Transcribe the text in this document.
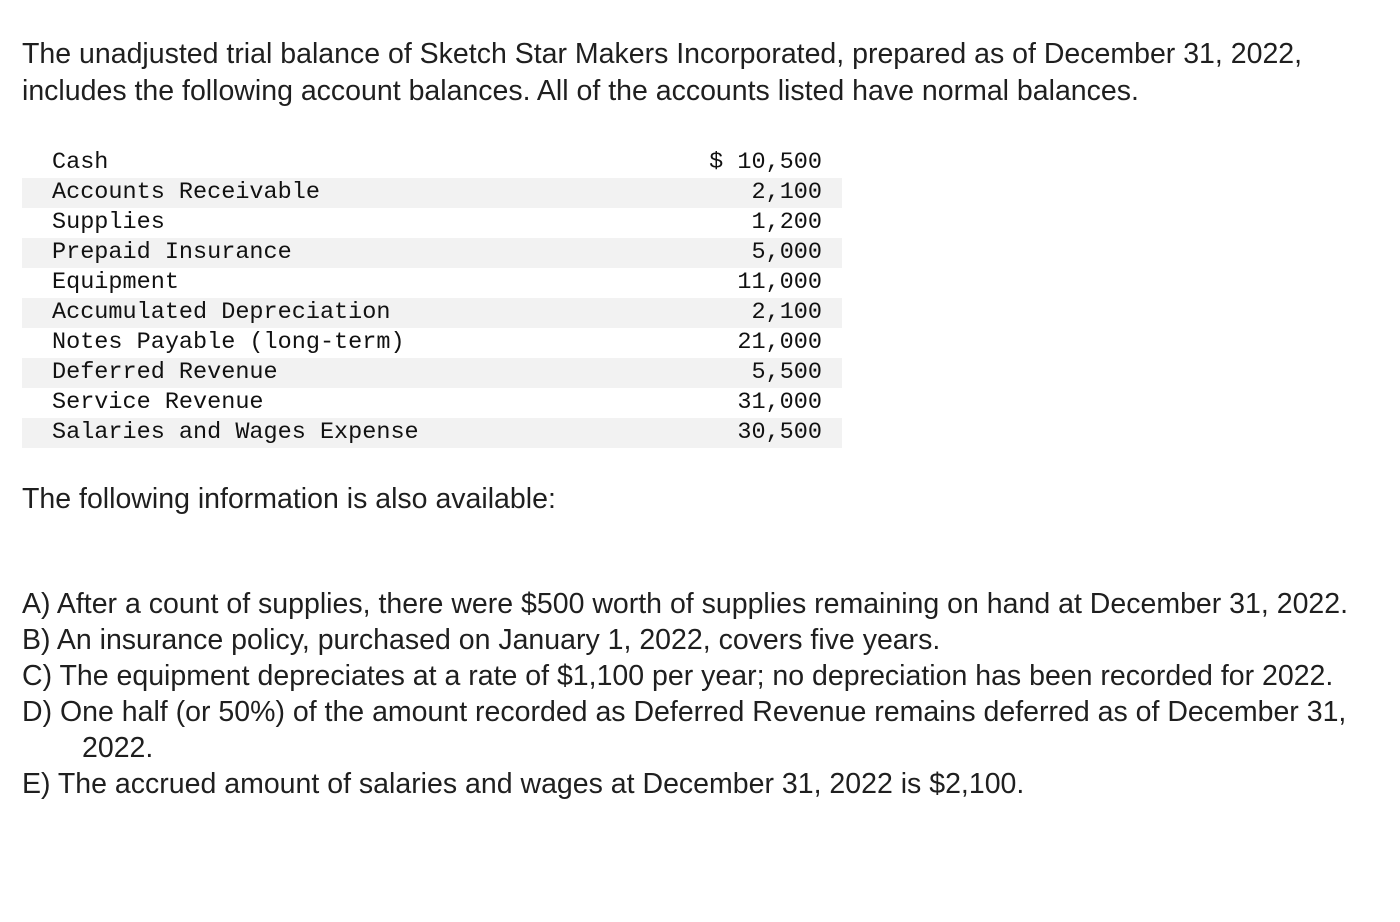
The unadjusted trial balance of Sketch Star Makers Incorporated, prepared as of December 31, 2022, includes the following account balances. All of the accounts listed have normal balances.

Cash	$ 10,500
Accounts Receivable	2,100
Supplies	1,200
Prepaid Insurance	5,000
Equipment	11,000
Accumulated Depreciation	2,100
Notes Payable (long-term)	21,000
Deferred Revenue	5,500
Service Revenue	31,000
Salaries and Wages Expense	30,500

The following information is also available:

A) After a count of supplies, there were $500 worth of supplies remaining on hand at December 31, 2022.
B) An insurance policy, purchased on January 1, 2022, covers five years.
C) The equipment depreciates at a rate of $1,100 per year; no depreciation has been recorded for 2022.
D) One half (or 50%) of the amount recorded as Deferred Revenue remains deferred as of December 31, 2022.
E) The accrued amount of salaries and wages at December 31, 2022 is $2,100.
